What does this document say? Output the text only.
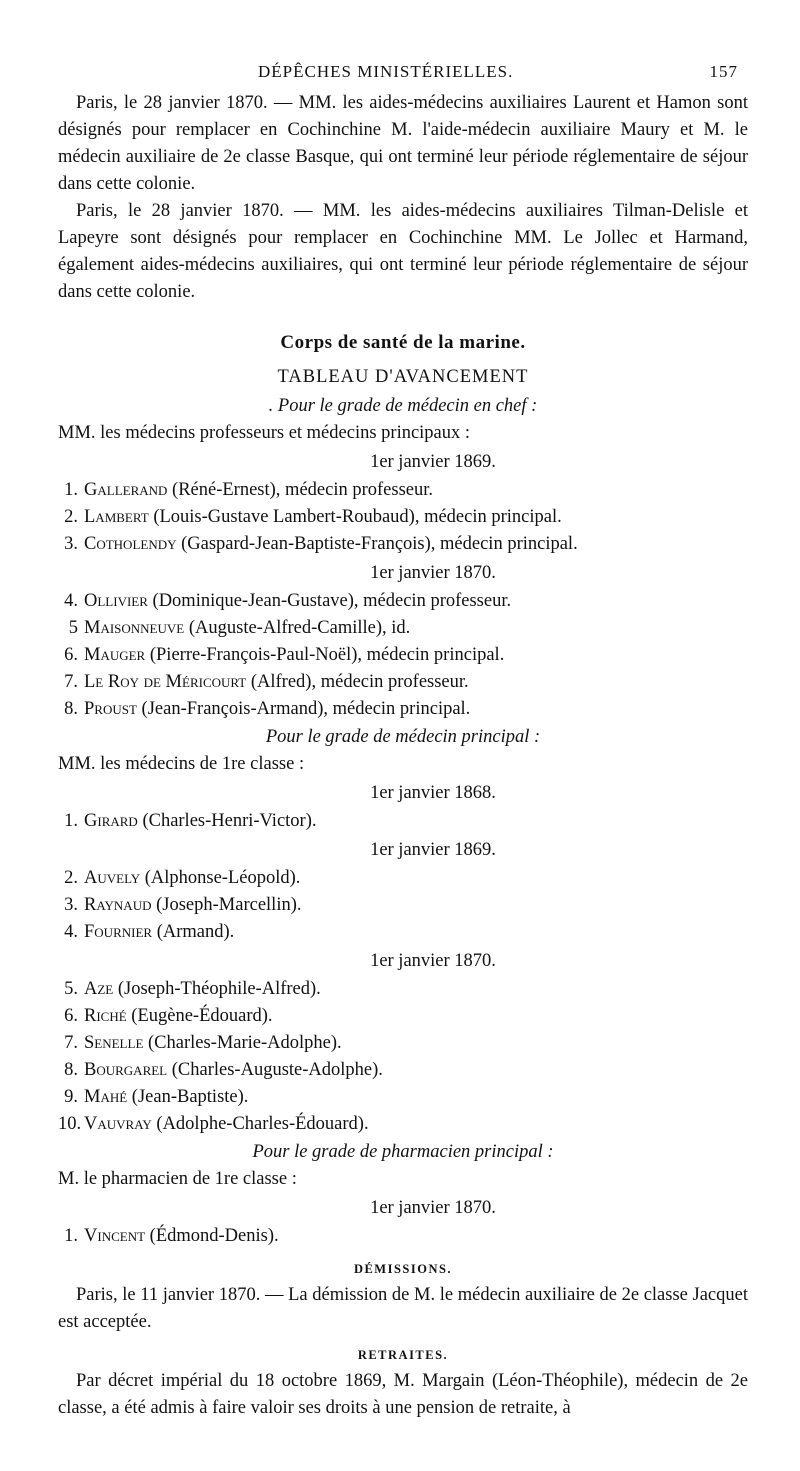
DÉPÊCHES MINISTÉRIELLES.	157

Paris, le 28 janvier 1870. — MM. les aides-médecins auxiliaires Laurent et Hamon sont désignés pour remplacer en Cochinchine M. l'aide-médecin auxiliaire Maury et M. le médecin auxiliaire de 2e classe Basque, qui ont terminé leur période réglementaire de séjour dans cette colonie.

Paris, le 28 janvier 1870. — MM. les aides-médecins auxiliaires Tilman-Delisle et Lapeyre sont désignés pour remplacer en Cochinchine MM. Le Jollec et Harmand, également aides-médecins auxiliaires, qui ont terminé leur période réglementaire de séjour dans cette colonie.

Corps de santé de la marine.
TABLEAU D'AVANCEMENT
. Pour le grade de médecin en chef :
MM. les médecins professeurs et médecins principaux :
1er janvier 1869.
1. Gallerand (Réné-Ernest), médecin professeur.
2. Lambert (Louis-Gustave Lambert-Roubaud), médecin principal.
3. Cotholendy (Gaspard-Jean-Baptiste-François), médecin principal.
1er janvier 1870.
4. Ollivier (Dominique-Jean-Gustave), médecin professeur.
5 Maisonneuve (Auguste-Alfred-Camille), id.
6. Mauger (Pierre-François-Paul-Noël), médecin principal.
7. Le Roy de Méricourt (Alfred), médecin professeur.
8. Proust (Jean-François-Armand), médecin principal.
Pour le grade de médecin principal :
MM. les médecins de 1re classe :
1er janvier 1868.
1. Girard (Charles-Henri-Victor).
1er janvier 1869.
2. Auvely (Alphonse-Léopold).
3. Raynaud (Joseph-Marcellin).
4. Fournier (Armand).
1er janvier 1870.
5. Aze (Joseph-Théophile-Alfred).
6. Riché (Eugène-Édouard).
7. Senelle (Charles-Marie-Adolphe).
8. Bourgarel (Charles-Auguste-Adolphe).
9. Mahé (Jean-Baptiste).
10. Vauvray (Adolphe-Charles-Édouard).
Pour le grade de pharmacien principal :
M. le pharmacien de 1re classe :
1er janvier 1870.
1. Vincent (Édmond-Denis).
DÉMISSIONS.

Paris, le 11 janvier 1870. — La démission de M. le médecin auxiliaire de 2e classe Jacquet est acceptée.

RETRAITES.

Par décret impérial du 18 octobre 1869, M. Margain (Léon-Théophile), médecin de 2e classe, a été admis à faire valoir ses droits à une pension de retraite, à
